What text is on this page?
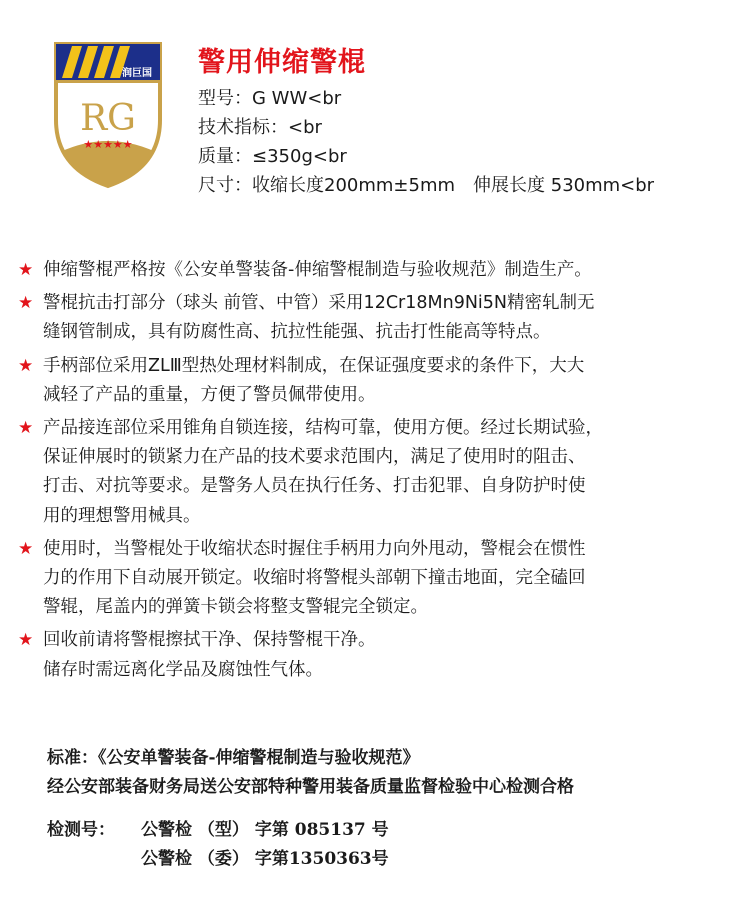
RG
润巨国
★★★★★
警用伸缩警棍
型号：G WW<br
技术指标：<br
质量：≤350g<br
尺寸：收缩长度200mm±5mm　伸展长度 530mm<br
★ 伸缩警棍严格按《公安单警装备-伸缩警棍制造与验收规范》制造生产。
★ 警棍抗击打部分（球头 前管、中管）采用12Cr18Mn9Ni5N精密轧制无
缝钢管制成，具有防腐性高、抗拉性能强、抗击打性能高等特点。
★ 手柄部位采用ZLⅢ型热处理材料制成，在保证强度要求的条件下，大大
减轻了产品的重量，方便了警员佩带使用。
★ 产品接连部位采用锥角自锁连接，结构可靠，使用方便。经过长期试验，
保证伸展时的锁紧力在产品的技术要求范围内，满足了使用时的阻击、
打击、对抗等要求。是警务人员在执行任务、打击犯罪、自身防护时使
用的理想警用械具。
★ 使用时，当警棍处于收缩状态时握住手柄用力向外甩动，警棍会在惯性
力的作用下自动展开锁定。收缩时将警棍头部朝下撞击地面，完全磕回
警辊，尾盖内的弹簧卡锁会将整支警辊完全锁定。
★ 回收前请将警棍擦拭干净、保持警棍干净。
储存时需远离化学品及腐蚀性气体。
标准：《公安单警装备-伸缩警棍制造与验收规范》
经公安部装备财务局送公安部特种警用装备质量监督检验中心检测合格
检测号： 公警检 （型） 字第 085137 号
公警检 （委） 字第1350363号
